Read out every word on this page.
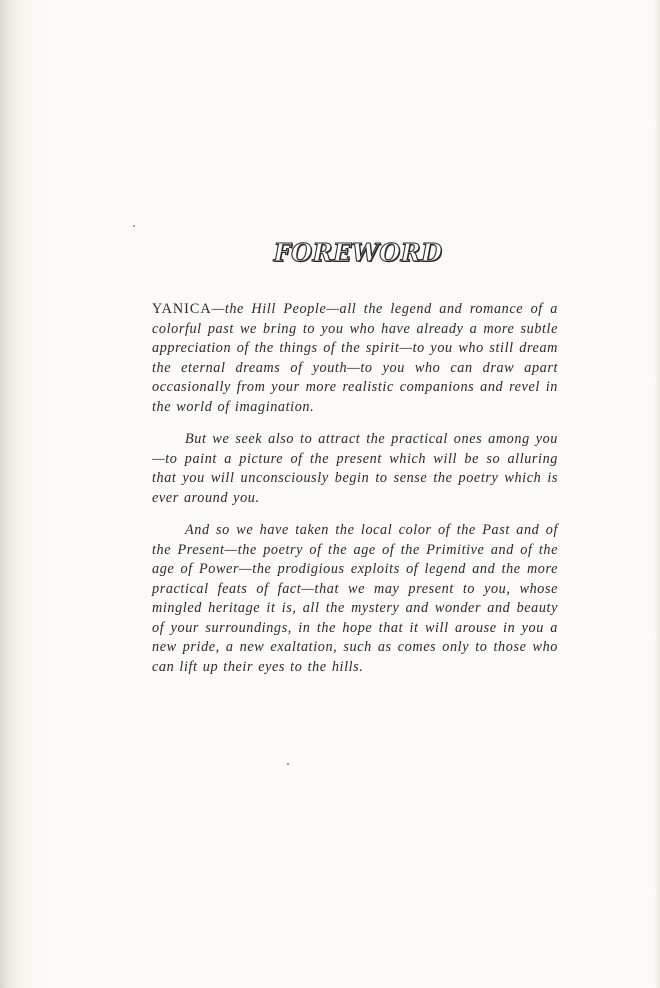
FOREWORD

YANICA—the Hill People—all the legend and romance of a colorful past we bring to you who have already a more subtle appreciation of the things of the spirit—to you who still dream the eternal dreams of youth—to you who can draw apart occasionally from your more realistic companions and revel in the world of imagination.

But we seek also to attract the practical ones among you—to paint a picture of the present which will be so alluring that you will unconsciously begin to sense the poetry which is ever around you.

And so we have taken the local color of the Past and of the Present—the poetry of the age of the Primitive and of the age of Power—the prodigious exploits of legend and the more practical feats of fact—that we may present to you, whose mingled heritage it is, all the mystery and wonder and beauty of your surroundings, in the hope that it will arouse in you a new pride, a new exaltation, such as comes only to those who can lift up their eyes to the hills.
